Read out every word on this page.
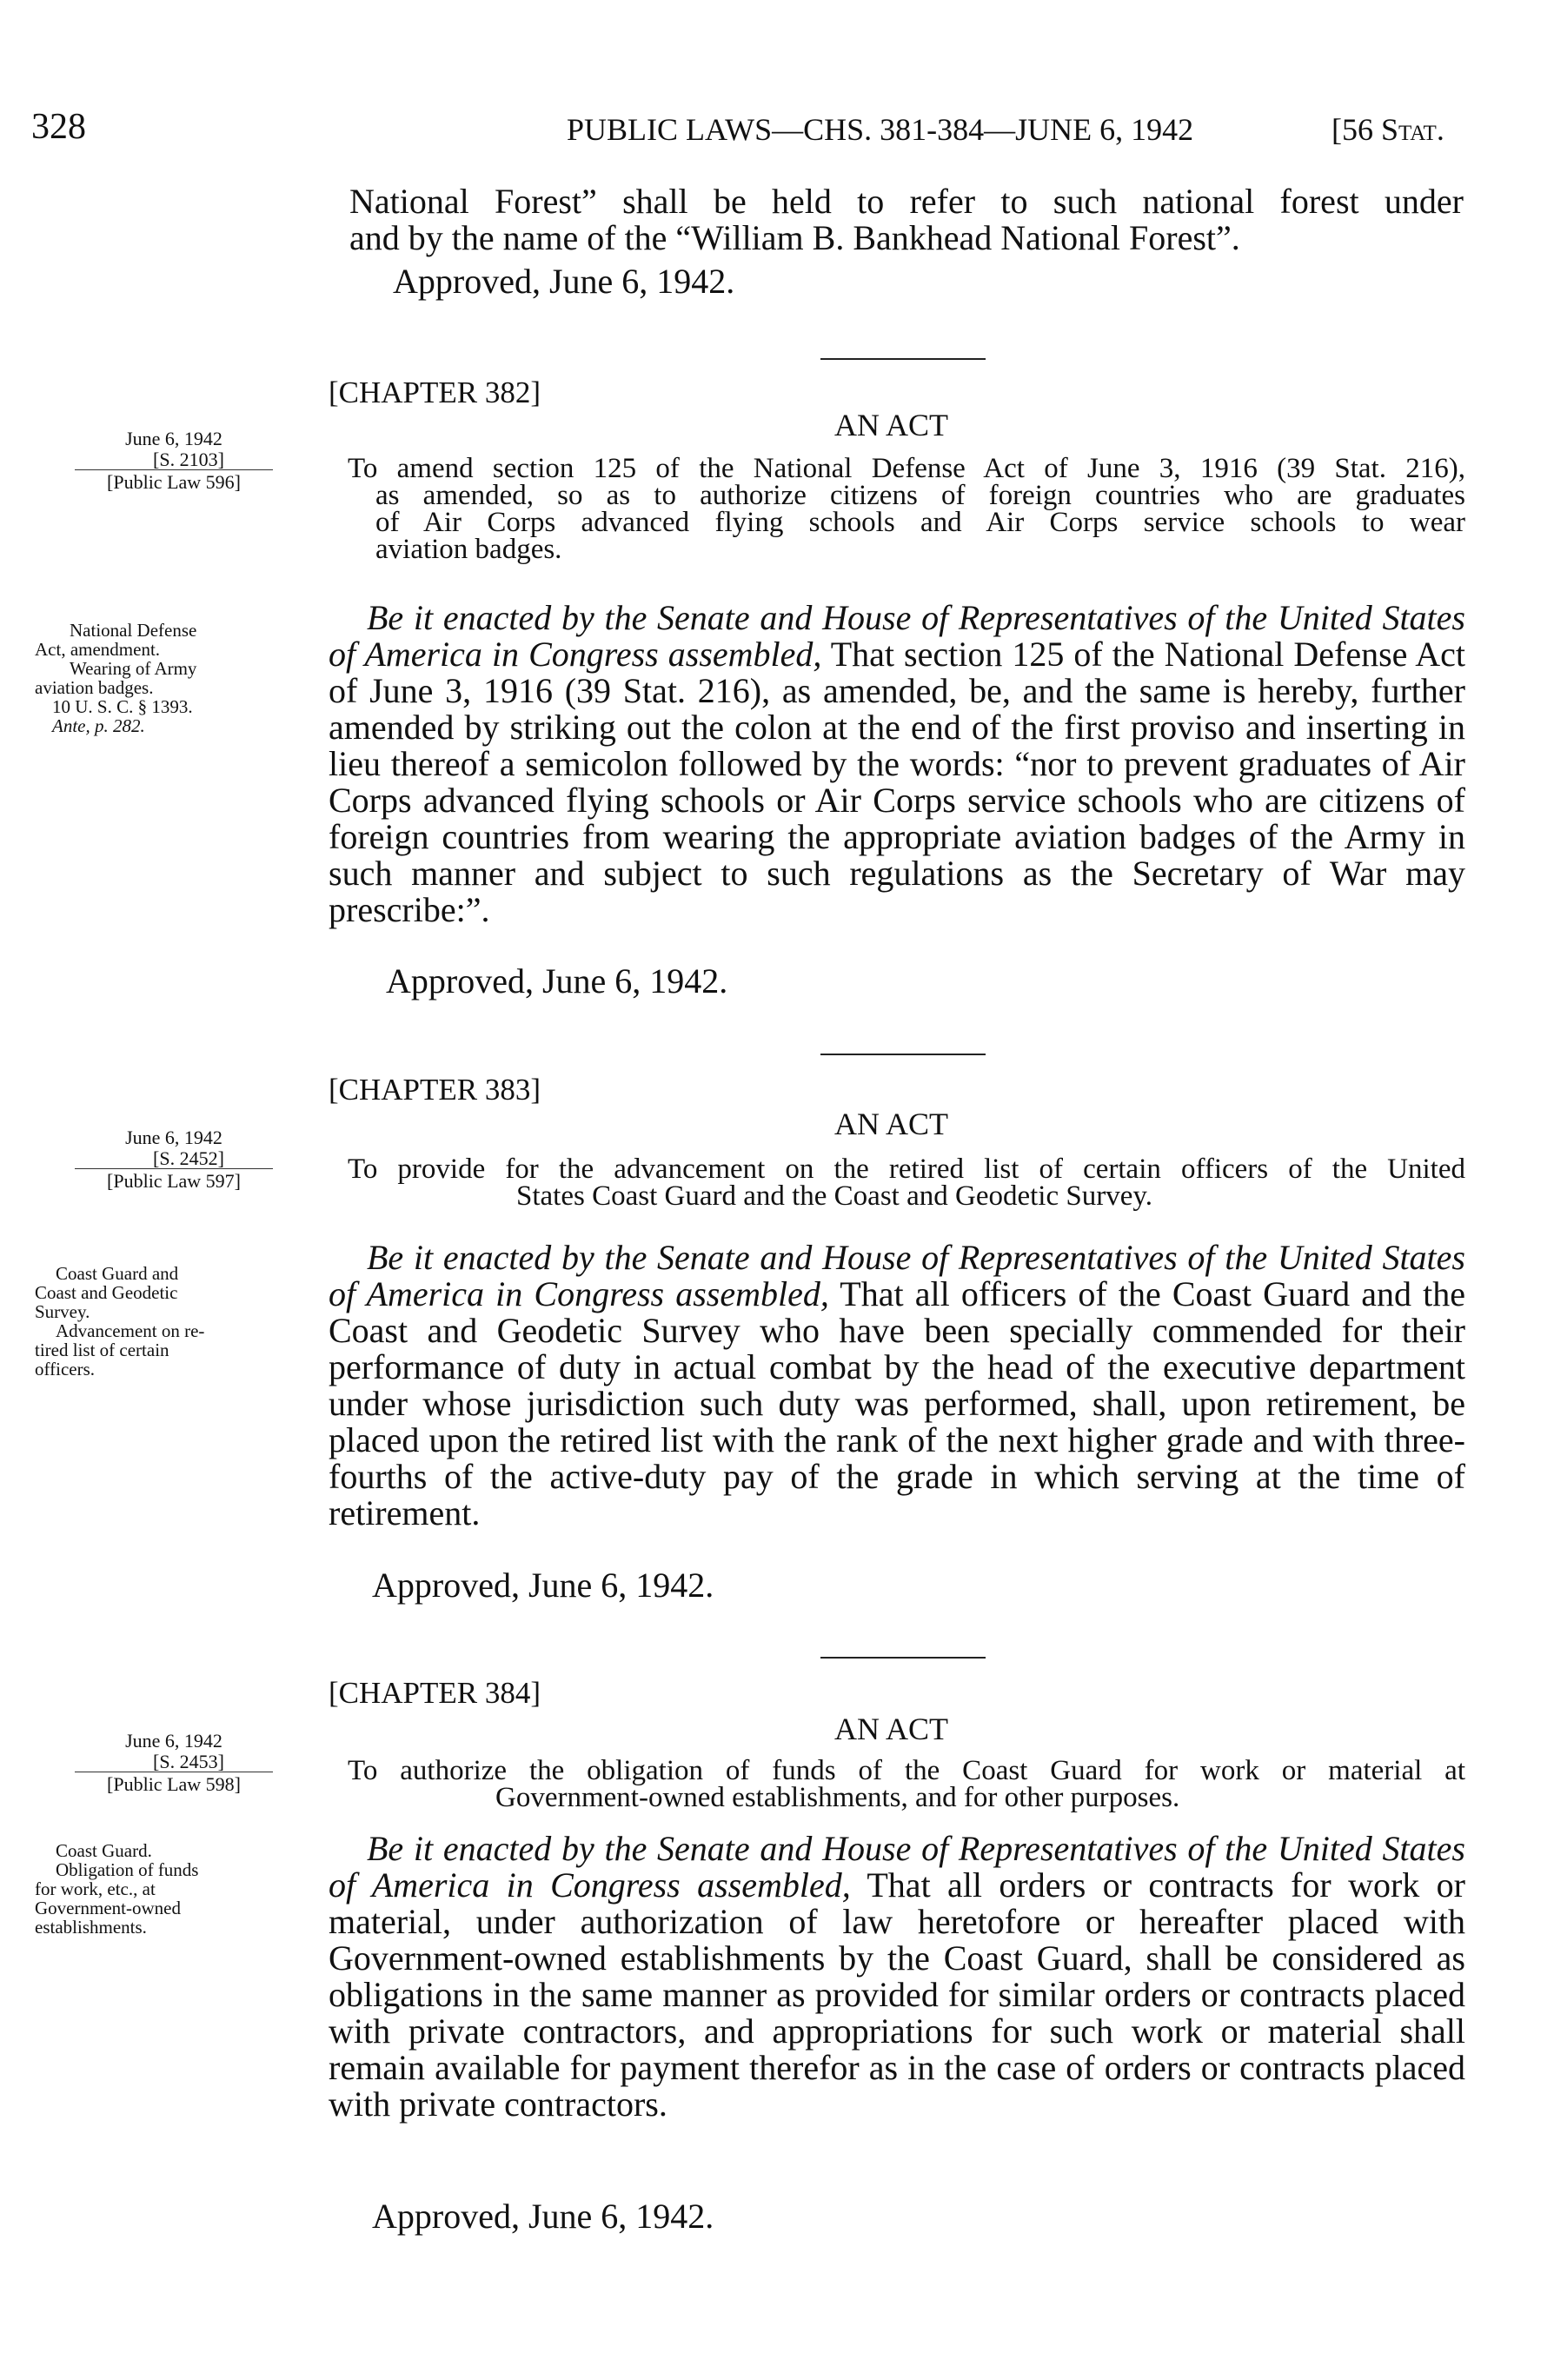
328	PUBLIC LAWS—CHS. 381-384—JUNE 6, 1942	[56 Stat.
National Forest” shall be held to refer to such national forest under
and by the name of the “William B. Bankhead National Forest”.
Approved, June 6, 1942.
[CHAPTER 382]
AN ACT
June 6, 1942
[S. 2103]
[Public Law 596]	To amend section 125 of the National Defense Act of June 3, 1916 (39 Stat. 216),
as amended, so as to authorize citizens of foreign countries who are graduates
of Air Corps advanced flying schools and Air Corps service schools to wear
aviation badges.
National Defense
Act, amendment.
Wearing of Army
aviation badges.
10 U. S. C. § 1393.
Ante, p. 282.

Be it enacted by the Senate and House of Representatives of the United States of America in Congress assembled, That section 125 of the National Defense Act of June 3, 1916 (39 Stat. 216), as amended, be, and the same is hereby, further amended by striking out the colon at the end of the first proviso and inserting in lieu thereof a semicolon followed by the words: “nor to prevent graduates of Air Corps advanced flying schools or Air Corps service schools who are citizens of foreign countries from wearing the appropriate aviation badges of the Army in such manner and subject to such regulations as the Secretary of War may prescribe:”.

Approved, June 6, 1942.
[CHAPTER 383]
AN ACT
June 6, 1942
[S. 2452]
[Public Law 597]	To provide for the advancement on the retired list of certain officers of the United
States Coast Guard and the Coast and Geodetic Survey.
Coast Guard and
Coast and Geodetic
Survey.
Advancement on re-
tired list of certain
officers.

Be it enacted by the Senate and House of Representatives of the United States of America in Congress assembled, That all officers of the Coast Guard and the Coast and Geodetic Survey who have been specially commended for their performance of duty in actual combat by the head of the executive department under whose jurisdiction such duty was performed, shall, upon retirement, be placed upon the retired list with the rank of the next higher grade and with three-fourths of the active-duty pay of the grade in which serving at the time of retirement.

Approved, June 6, 1942.
[CHAPTER 384]
AN ACT
June 6, 1942
[S. 2453]
[Public Law 598]	To authorize the obligation of funds of the Coast Guard for work or material at
Government-owned establishments, and for other purposes.
Coast Guard.
Obligation of funds
for work, etc., at
Government-owned
establishments.

Be it enacted by the Senate and House of Representatives of the United States of America in Congress assembled, That all orders or contracts for work or material, under authorization of law heretofore or hereafter placed with Government-owned establishments by the Coast Guard, shall be considered as obligations in the same manner as provided for similar orders or contracts placed with private contractors, and appropriations for such work or material shall remain available for payment therefor as in the case of orders or contracts placed with private contractors.

Approved, June 6, 1942.
